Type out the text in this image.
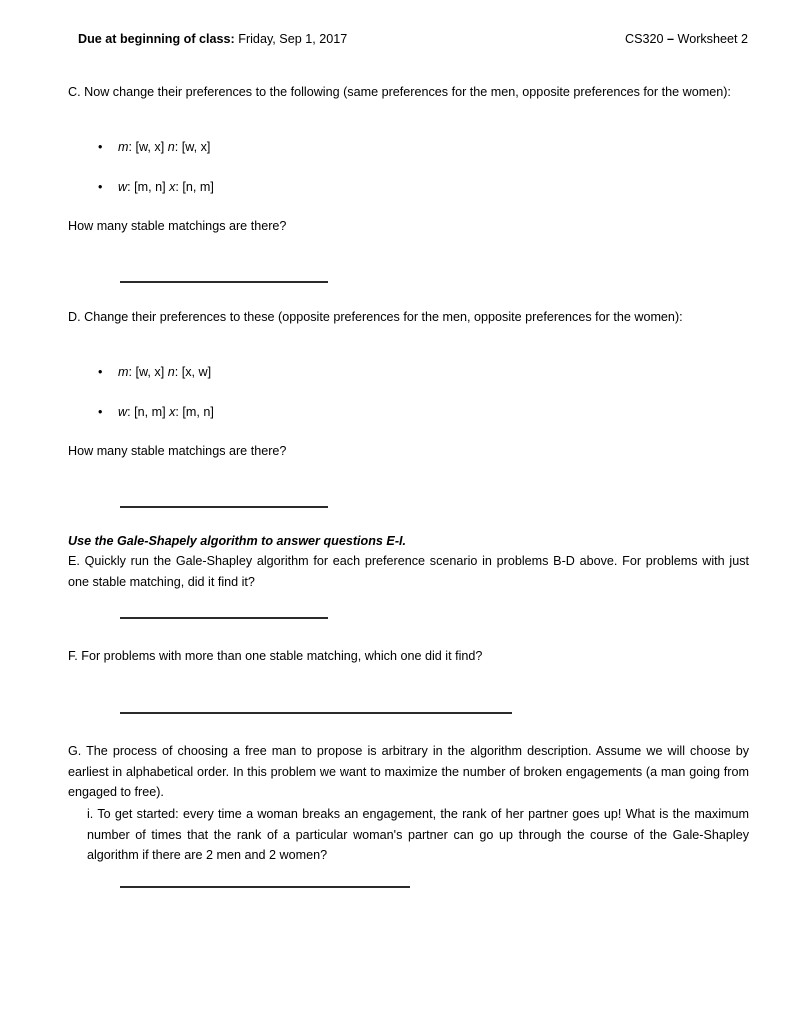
Due at beginning of class: Friday, Sep 1, 2017	CS320 – Worksheet 2
C. Now change their preferences to the following (same preferences for the men, opposite preferences for the women):
•	m: [w, x] n: [w, x]
•	w: [m, n] x: [n, m]
How many stable matchings are there?
D. Change their preferences to these (opposite preferences for the men, opposite preferences for the women):
•	m: [w, x] n: [x, w]
•	w: [n, m] x: [m, n]
How many stable matchings are there?
Use the Gale-Shapely algorithm to answer questions E-I.
E. Quickly run the Gale-Shapley algorithm for each preference scenario in problems B-D above. For problems with just one stable matching, did it find it?
F. For problems with more than one stable matching, which one did it find?
G. The process of choosing a free man to propose is arbitrary in the algorithm description. Assume we will choose by earliest in alphabetical order. In this problem we want to maximize the number of broken engagements (a man going from engaged to free).
i. To get started: every time a woman breaks an engagement, the rank of her partner goes up! What is the maximum number of times that the rank of a particular woman's partner can go up through the course of the Gale-Shapley algorithm if there are 2 men and 2 women?
